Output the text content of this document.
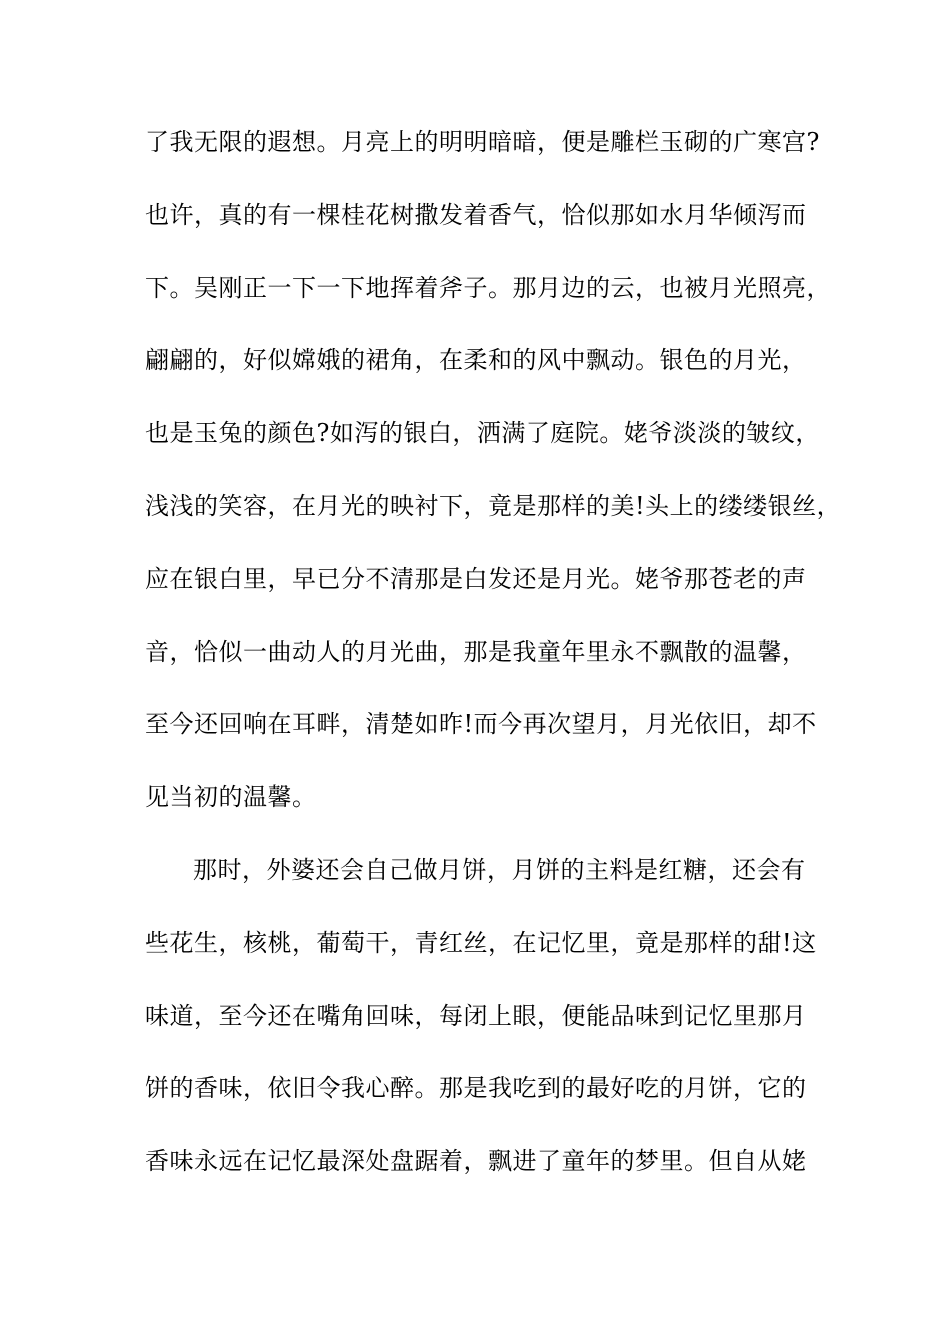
了我无限的遐想。月亮上的明明暗暗，便是雕栏玉砌的广寒宫?
也许，真的有一棵桂花树撒发着香气，恰似那如水月华倾泻而
下。吴刚正一下一下地挥着斧子。那月边的云，也被月光照亮，
翩翩的，好似嫦娥的裙角，在柔和的风中飘动。银色的月光，
也是玉兔的颜色?如泻的银白，洒满了庭院。姥爷淡淡的皱纹，
浅浅的笑容，在月光的映衬下，竟是那样的美!头上的缕缕银丝，
应在银白里，早已分不清那是白发还是月光。姥爷那苍老的声
音，恰似一曲动人的月光曲，那是我童年里永不飘散的温馨，
至今还回响在耳畔，清楚如昨!而今再次望月，月光依旧，却不
见当初的温馨。
那时，外婆还会自己做月饼，月饼的主料是红糖，还会有
些花生，核桃，葡萄干，青红丝，在记忆里，竟是那样的甜!这
味道，至今还在嘴角回味，每闭上眼，便能品味到记忆里那月
饼的香味，依旧令我心醉。那是我吃到的最好吃的月饼，它的
香味永远在记忆最深处盘踞着，飘进了童年的梦里。但自从姥
